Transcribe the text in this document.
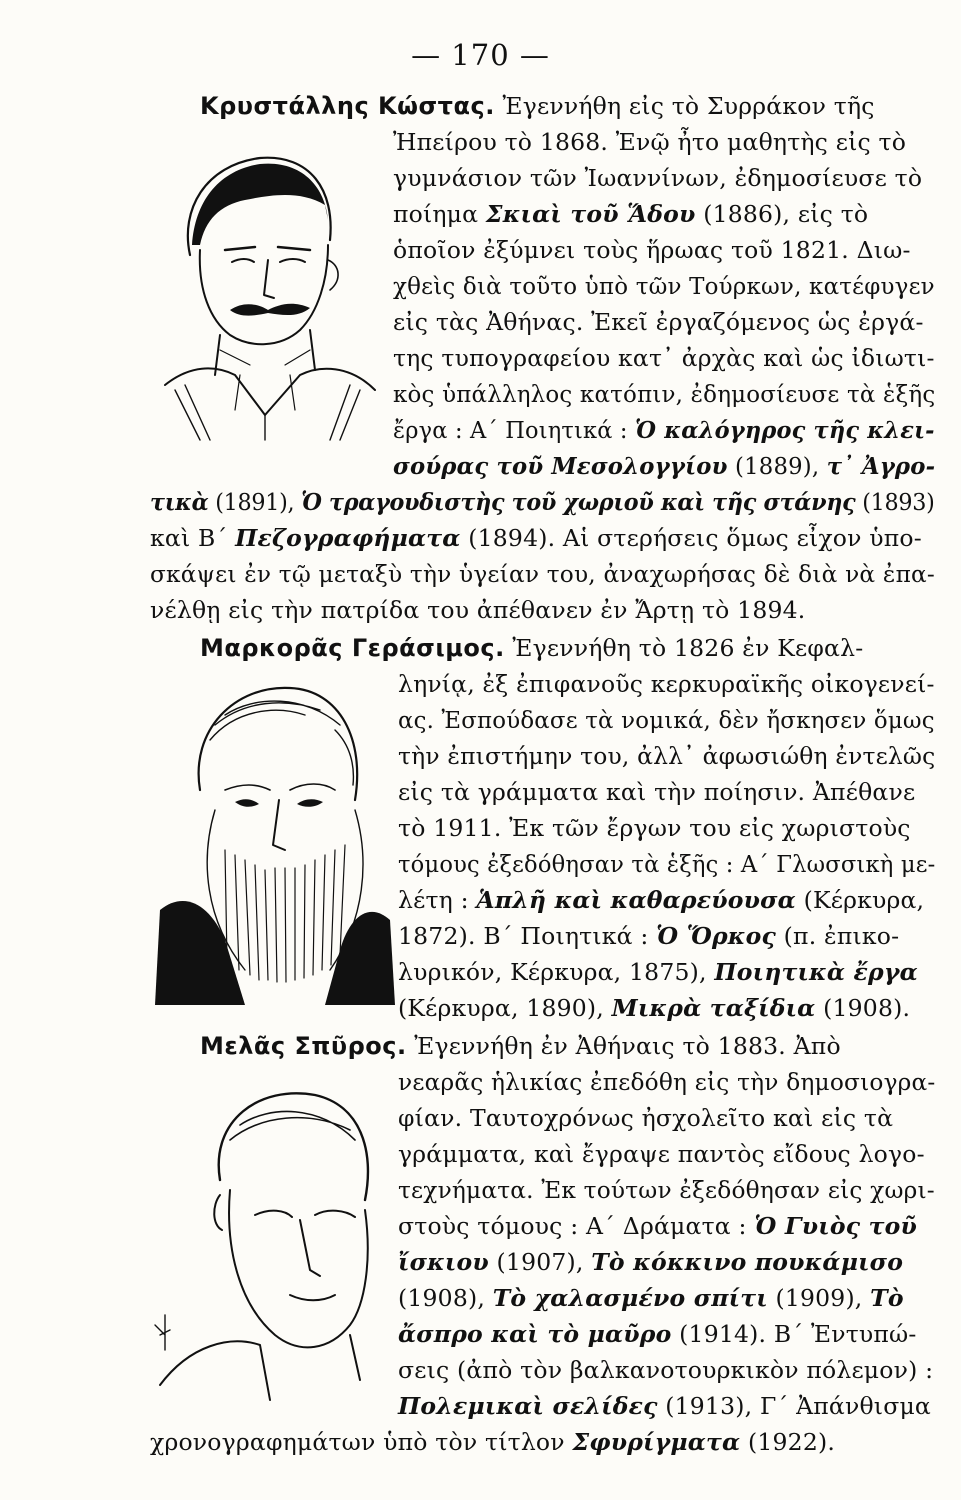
— 170 —
Κρυστάλλης Κώστας. Ἐγεννήθη εἰς τὸ Συρράκον τῆς
Ἠπείρου τὸ 1868. Ἐνῷ ἦτο μαθητὴς εἰς τὸ
γυμνάσιον τῶν Ἰωαννίνων, ἐδημοσίευσε τὸ
ποίημα Σκιαὶ τοῦ Ἅδου (1886), εἰς τὸ
ὁποῖον ἐξύμνει τοὺς ἥρωας τοῦ 1821. Διω-
χθεὶς διὰ τοῦτο ὑπὸ τῶν Τούρκων, κατέφυγεν
εἰς τὰς Ἀθήνας. Ἐκεῖ ἐργαζόμενος ὡς ἐργά-
της τυπογραφείου κατ᾽ ἀρχὰς καὶ ὡς ἰδιωτι-
κὸς ὑπάλληλος κατόπιν, ἐδημοσίευσε τὰ ἑξῆς
ἔργα : Α΄ Ποιητικά : Ὁ καλόγηρος τῆς κλει-
σούρας τοῦ Μεσολογγίου (1889), τ᾽ Ἀγρο-
τικὰ (1891), Ὁ τραγουδιστὴς τοῦ χωριοῦ καὶ τῆς στάνης (1893)
καὶ Β΄ Πεζογραφήματα (1894). Αἱ στερήσεις ὅμως εἶχον ὑπο-
σκάψει ἐν τῷ μεταξὺ τὴν ὑγείαν του, ἀναχωρήσας δὲ διὰ νὰ ἐπα-
νέλθῃ εἰς τὴν πατρίδα του ἀπέθανεν ἐν Ἄρτῃ τὸ 1894.
Μαρκορᾶς Γεράσιμος. Ἐγεννήθη τὸ 1826 ἐν Κεφαλ-
ληνίᾳ, ἐξ ἐπιφανοῦς κερκυραϊκῆς οἰκογενεί-
ας. Ἐσπούδασε τὰ νομικά, δὲν ἤσκησεν ὅμως
τὴν ἐπιστήμην του, ἀλλ᾽ ἀφωσιώθη ἐντελῶς
εἰς τὰ γράμματα καὶ τὴν ποίησιν. Ἀπέθανε
τὸ 1911. Ἐκ τῶν ἔργων του εἰς χωριστοὺς
τόμους ἐξεδόθησαν τὰ ἑξῆς : Α΄ Γλωσσικὴ με-
λέτη : Ἁπλῆ καὶ καθαρεύουσα (Κέρκυρα,
1872). Β΄ Ποιητικά : Ὁ Ὅρκος (π. ἐπικο-
λυρικόν, Κέρκυρα, 1875), Ποιητικὰ ἔργα
(Κέρκυρα, 1890), Μικρὰ ταξίδια (1908).
Μελᾶς Σπῦρος. Ἐγεννήθη ἐν Ἀθήναις τὸ 1883. Ἀπὸ
νεαρᾶς ἡλικίας ἐπεδόθη εἰς τὴν δημοσιογρα-
φίαν. Ταυτοχρόνως ἠσχολεῖτο καὶ εἰς τὰ
γράμματα, καὶ ἔγραψε παντὸς εἴδους λογο-
τεχνήματα. Ἐκ τούτων ἐξεδόθησαν εἰς χωρι-
στοὺς τόμους : Α΄ Δράματα : Ὁ Γυιὸς τοῦ
ἴσκιου (1907), Τὸ κόκκινο πουκάμισο
(1908), Τὸ χαλασμένο σπίτι (1909), Τὸ
ἄσπρο καὶ τὸ μαῦρο (1914). Β΄ Ἐντυπώ-
σεις (ἀπὸ τὸν βαλκανοτουρκικὸν πόλεμον) :
Πολεμικαὶ σελίδες (1913), Γ΄ Ἀπάνθισμα
χρονογραφημάτων ὑπὸ τὸν τίτλον Σφυρίγματα (1922).
